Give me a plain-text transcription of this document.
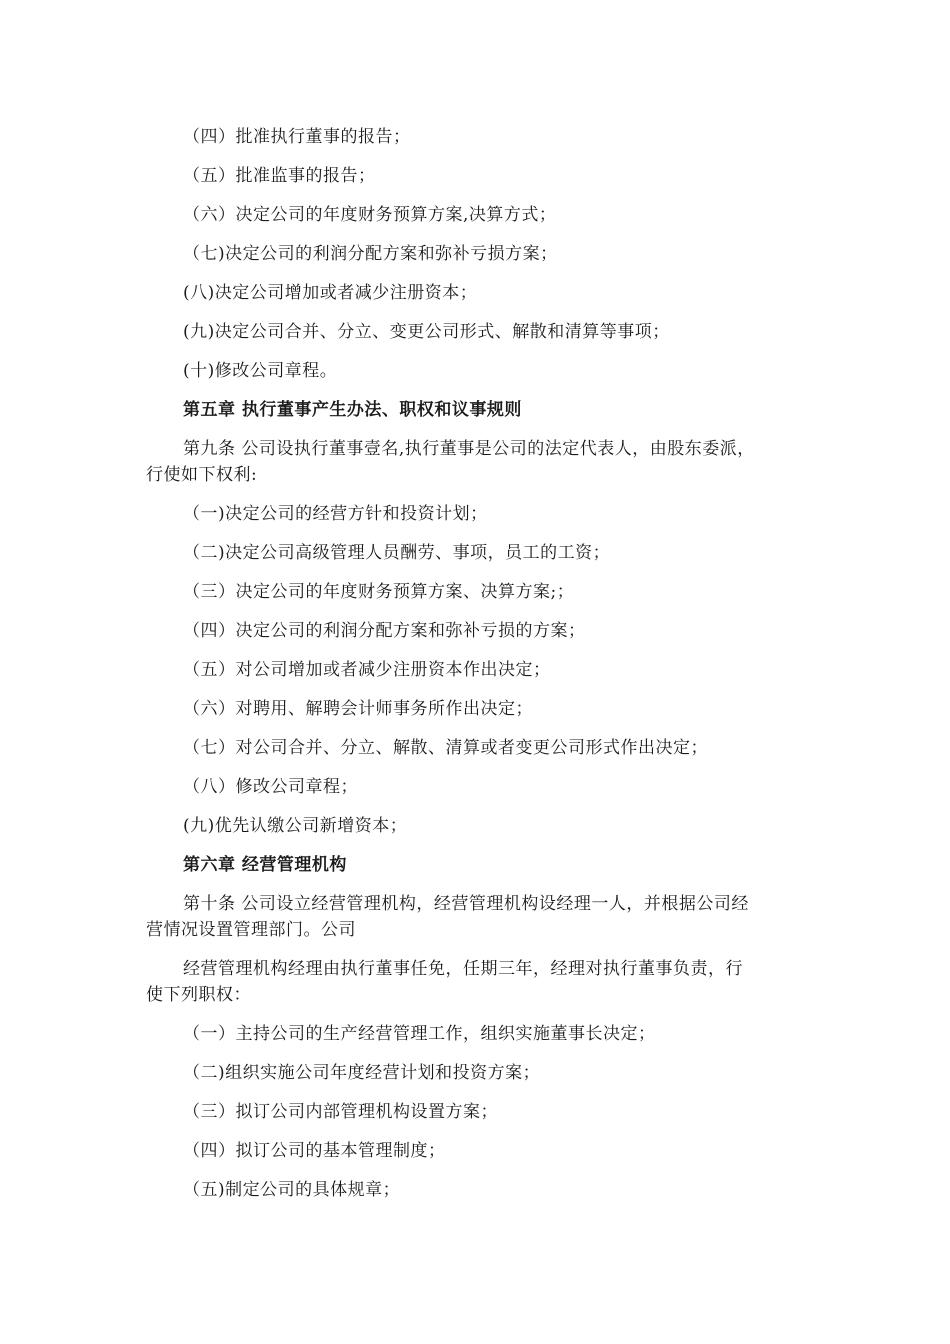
（四）批准执行董事的报告；
（五）批准监事的报告；
（六）决定公司的年度财务预算方案,决算方式；
（七)决定公司的利润分配方案和弥补亏损方案；
(八)决定公司增加或者减少注册资本；
(九)决定公司合并、分立、变更公司形式、解散和清算等事项；
(十)修改公司章程。
第五章 执行董事产生办法、职权和议事规则
第九条 公司设执行董事壹名,执行董事是公司的法定代表人，由股东委派，
行使如下权利:
（一)决定公司的经营方针和投资计划；
（二)决定公司高级管理人员酬劳、事项，员工的工资；
（三）决定公司的年度财务预算方案、决算方案;；
（四）决定公司的利润分配方案和弥补亏损的方案；
（五）对公司增加或者减少注册资本作出决定；
（六）对聘用、解聘会计师事务所作出决定；
（七）对公司合并、分立、解散、清算或者变更公司形式作出决定；
（八）修改公司章程；
(九)优先认缴公司新增资本；
第六章 经营管理机构
第十条 公司设立经营管理机构，经营管理机构设经理一人，并根据公司经
营情况设置管理部门。公司
经营管理机构经理由执行董事任免，任期三年，经理对执行董事负责，行
使下列职权：
（一）主持公司的生产经营管理工作，组织实施董事长决定；
（二)组织实施公司年度经营计划和投资方案；
（三）拟订公司内部管理机构设置方案；
（四）拟订公司的基本管理制度；
（五)制定公司的具体规章；
